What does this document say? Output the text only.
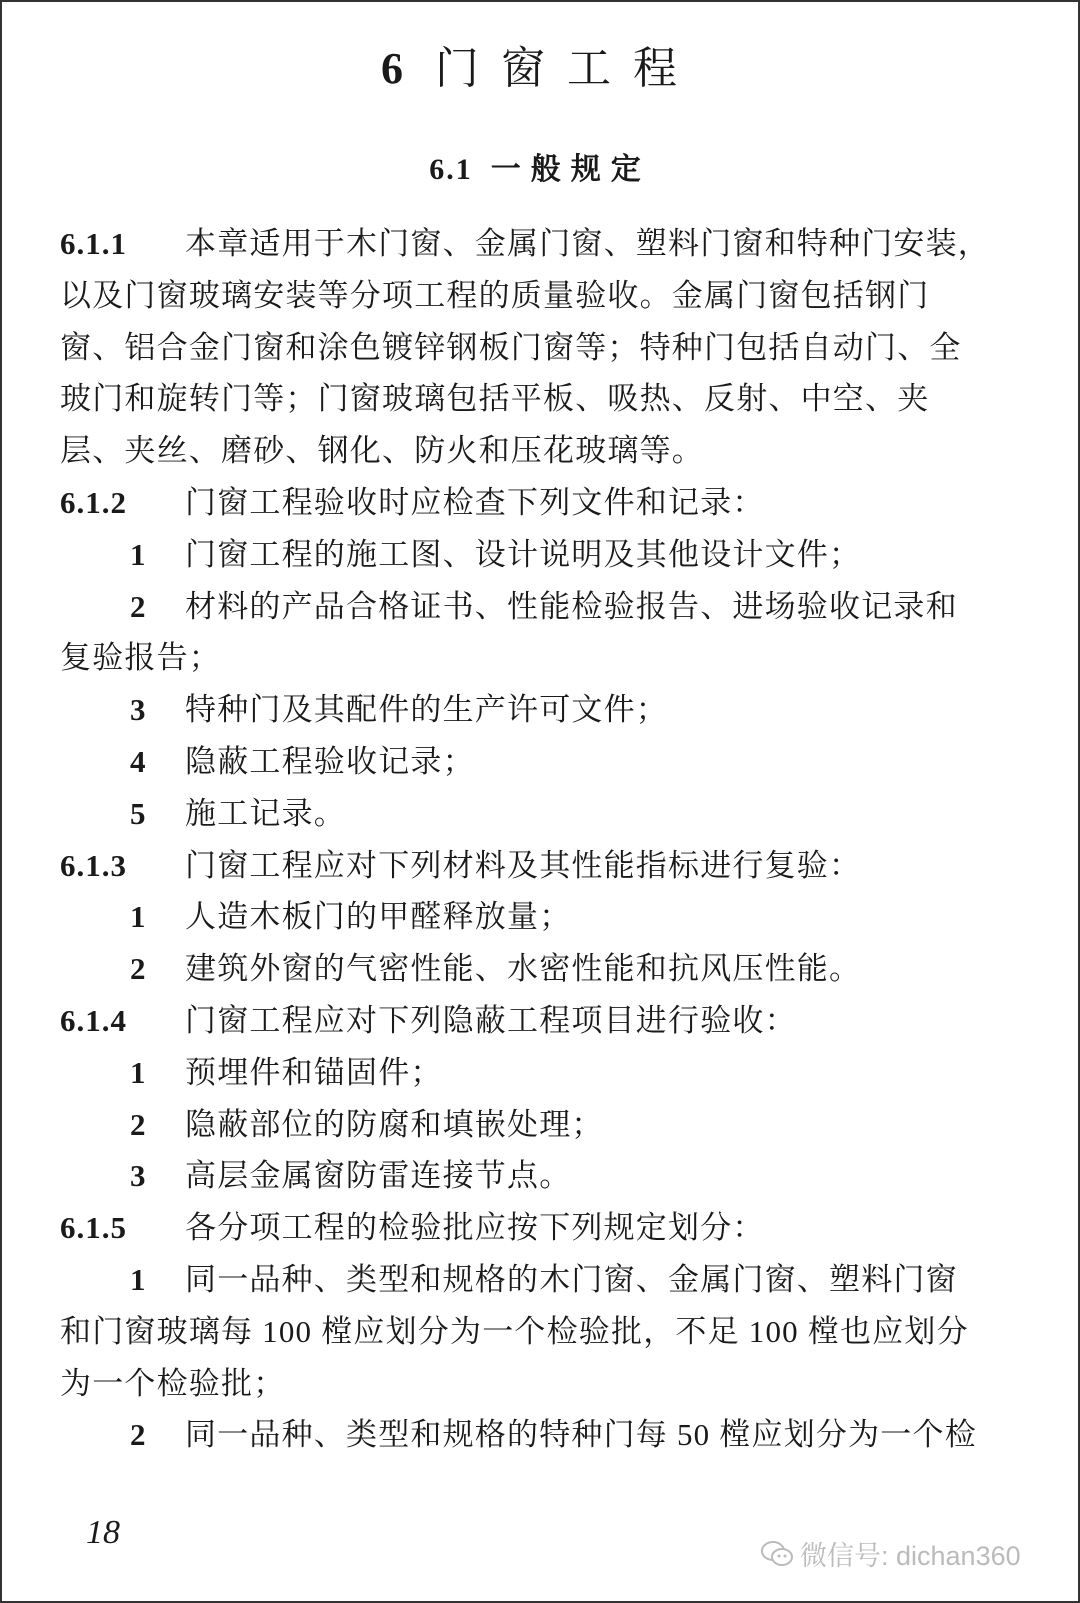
6 门窗工程
6.1 一般规定
6.1.1 本章适用于木门窗、金属门窗、塑料门窗和特种门安装，
以及门窗玻璃安装等分项工程的质量验收。金属门窗包括钢门
窗、铝合金门窗和涂色镀锌钢板门窗等；特种门包括自动门、全
玻门和旋转门等；门窗玻璃包括平板、吸热、反射、中空、夹
层、夹丝、磨砂、钢化、防火和压花玻璃等。
6.1.2 门窗工程验收时应检查下列文件和记录：
1 门窗工程的施工图、设计说明及其他设计文件；
2 材料的产品合格证书、性能检验报告、进场验收记录和
复验报告；
3 特种门及其配件的生产许可文件；
4 隐蔽工程验收记录；
5 施工记录。
6.1.3 门窗工程应对下列材料及其性能指标进行复验：
1 人造木板门的甲醛释放量；
2 建筑外窗的气密性能、水密性能和抗风压性能。
6.1.4 门窗工程应对下列隐蔽工程项目进行验收：
1 预埋件和锚固件；
2 隐蔽部位的防腐和填嵌处理；
3 高层金属窗防雷连接节点。
6.1.5 各分项工程的检验批应按下列规定划分：
1 同一品种、类型和规格的木门窗、金属门窗、塑料门窗
和门窗玻璃每 100 樘应划分为一个检验批，不足 100 樘也应划分
为一个检验批；
2 同一品种、类型和规格的特种门每 50 樘应划分为一个检
18
微信号: dichan360
